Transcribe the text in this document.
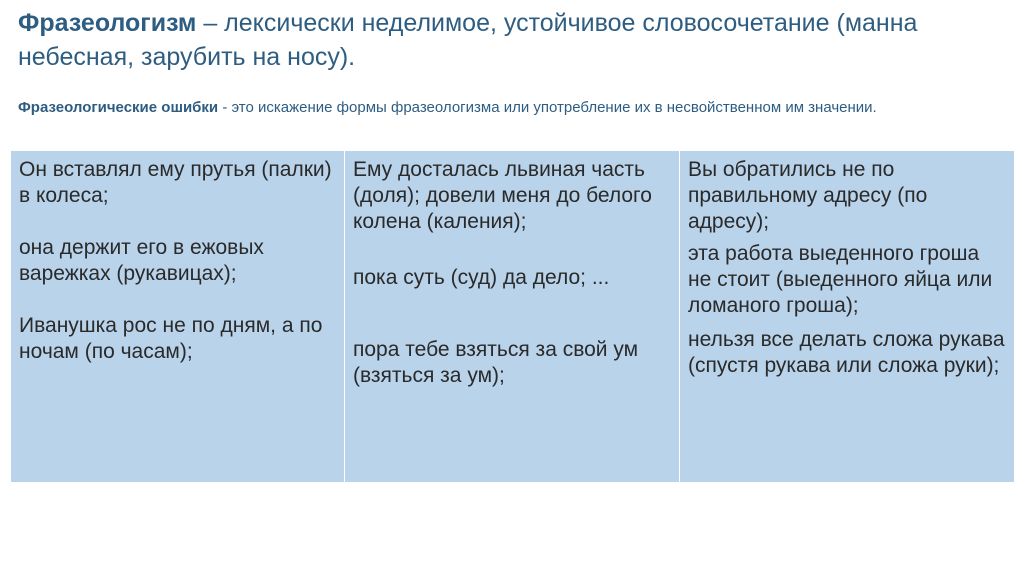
Фразеологизм – лексически неделимое, устойчивое словосочетание (манна небесная, зарубить на носу).

Фразеологические ошибки - это искажение формы фразеологизма или употребление их в несвойственном им значении.

Он вставлял ему прутья (палки) в колеса;
она держит его в ежовых варежках (рукавицах);
Иванушка рос не по дням, а по ночам (по часам);

Ему досталась львиная часть (доля); довели меня до белого колена (каления);
пока суть (суд) да дело; ...
пора тебе взяться за свой ум (взяться за ум);

Вы обратились не по правильному адресу (по адресу);
эта работа выеденного гроша не стоит (выеденного яйца или ломаного гроша);
нельзя все делать сложа рукава (спустя рукава или сложа руки);
